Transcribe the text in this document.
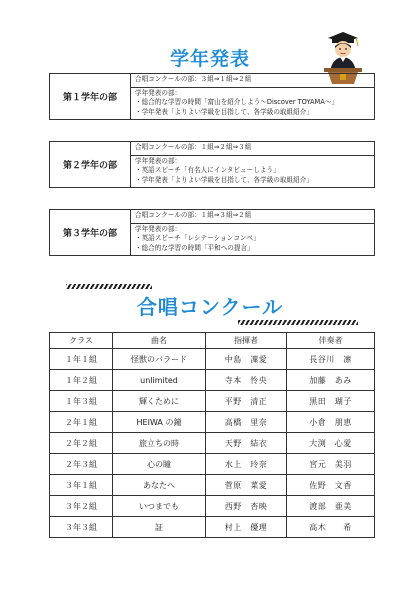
学年発表
第１学年の部	
合唱コンクールの部：３組⇒１組⇒２組

学年発表の部：
・総合的な学習の時間「富山を紹介しよう〜Discover TOYAMA〜」
・学年発表「よりよい学級を目指して、各学級の取組紹介」
第２学年の部	
合唱コンクールの部：１組⇒２組⇒３組

学年発表の部：
・英語スピーチ「有名人にインタビューしよう」
・学年発表「よりよい学級を目指して、各学級の取組紹介」
第３学年の部	
合唱コンクールの部：１組⇒３組⇒２組

学年発表の部：
・英語スピーチ「レシテーションコンペ」
・総合的な学習の時間「平和への提言」
合唱コンクール
クラス	曲名	指揮者	伴奏者
１年１組	怪獣のバラード	中島　凜愛	長谷川　凛
１年２組	unlimited	寺本　怜央	加藤　あみ
１年３組	輝くために	平野　清正	黒田　瑚子
２年１組	HEIWA の鐘	高橋　里奈	小倉　朋恵
２年２組	旅立ちの時	天野　結衣	大渕　心愛
２年３組	心の瞳	水上　玲奈	宮元　美羽
３年１組	あなたへ	菅原　菜愛	佐野　文香
３年２組	いつまでも	西野　杏映	渡部　亜美
３年３組	証	村上　優理	高木　　希
